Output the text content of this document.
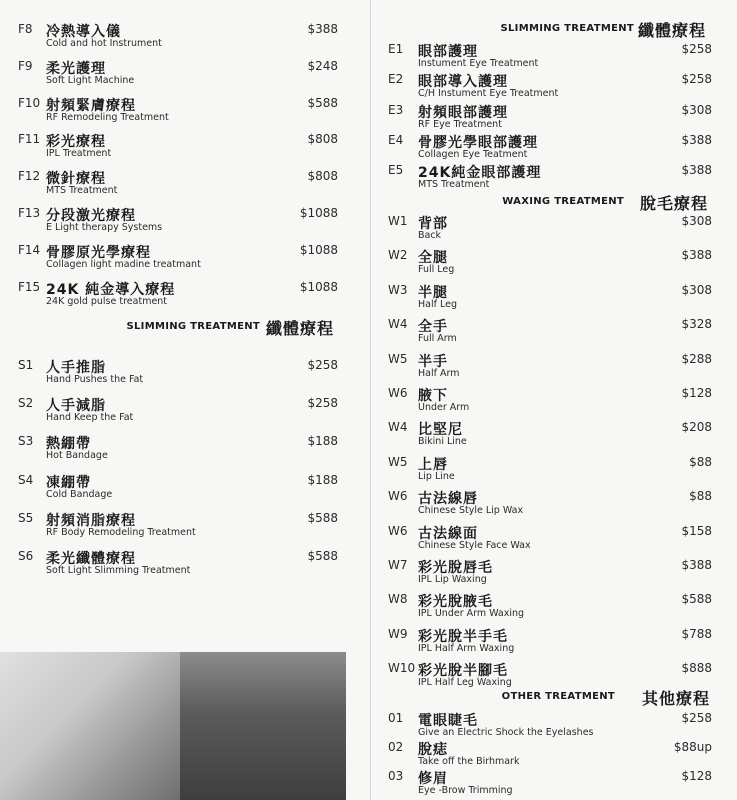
F8 冷熱導入儀
Cold and hot Instrument
$388
F9 柔光護理
Soft Light Machine
$248
F10 射頻緊膚療程
RF Remodeling Treatment
$588
F11 彩光療程
IPL Treatment
$808
F12 微針療程
MTS Treatment
$808
F13 分段激光療程
E Light therapy Systems
$1088
F14 骨膠原光學療程
Collagen light madine treatmant
$1088
F15 24K 純金導入療程
24K gold pulse treatment
$1088
SLIMMING TREATMENT 纖體療程
S1 人手推脂
Hand Pushes the Fat
$258
S2 人手減脂
Hand Keep the Fat
$258
S3 熱綳帶
Hot Bandage
$188
S4 凍綳帶
Cold Bandage
$188
S5 射頻消脂療程
RF Body Remodeling Treatment
$588
S6 柔光纖體療程
Soft Light Slimming Treatment
$588
SLIMMING TREATMENT 纖體療程
E1 眼部護理
Instument Eye Treatment
$258
E2 眼部導入護理
C/H Instument Eye Treatment
$258
E3 射頻眼部護理
RF Eye Treatment
$308
E4 骨膠光學眼部護理
Collagen Eye Teatment
$388
E5 24K純金眼部護理
MTS Treatment
$388
WAXING TREATMENT 脫毛療程
W1 背部
Back
$308
W2 全腿
Full Leg
$388
W3 半腿
Half Leg
$308
W4 全手
Full Arm
$328
W5 半手
Half Arm
$288
W6 腋下
Under Arm
$128
W4 比堅尼
Bikini Line
$208
W5 上唇
Lip Line
$88
W6 古法線唇
Chinese Style Lip Wax
$88
W6 古法線面
Chinese Style Face Wax
$158
W7 彩光脫唇毛
IPL Lip Waxing
$388
W8 彩光脫腋毛
IPL Under Arm Waxing
$588
W9 彩光脫半手毛
IPL Half Arm Waxing
$788
W10 彩光脫半腳毛
IPL Half Leg Waxing
$888
OTHER TREATMENT 其他療程
01 電眼睫毛
Give an Electric Shock the Eyelashes
$258
02 脫痣
Take off the Birhmark
$88up
03 修眉
Eye -Brow Trimming
$128
